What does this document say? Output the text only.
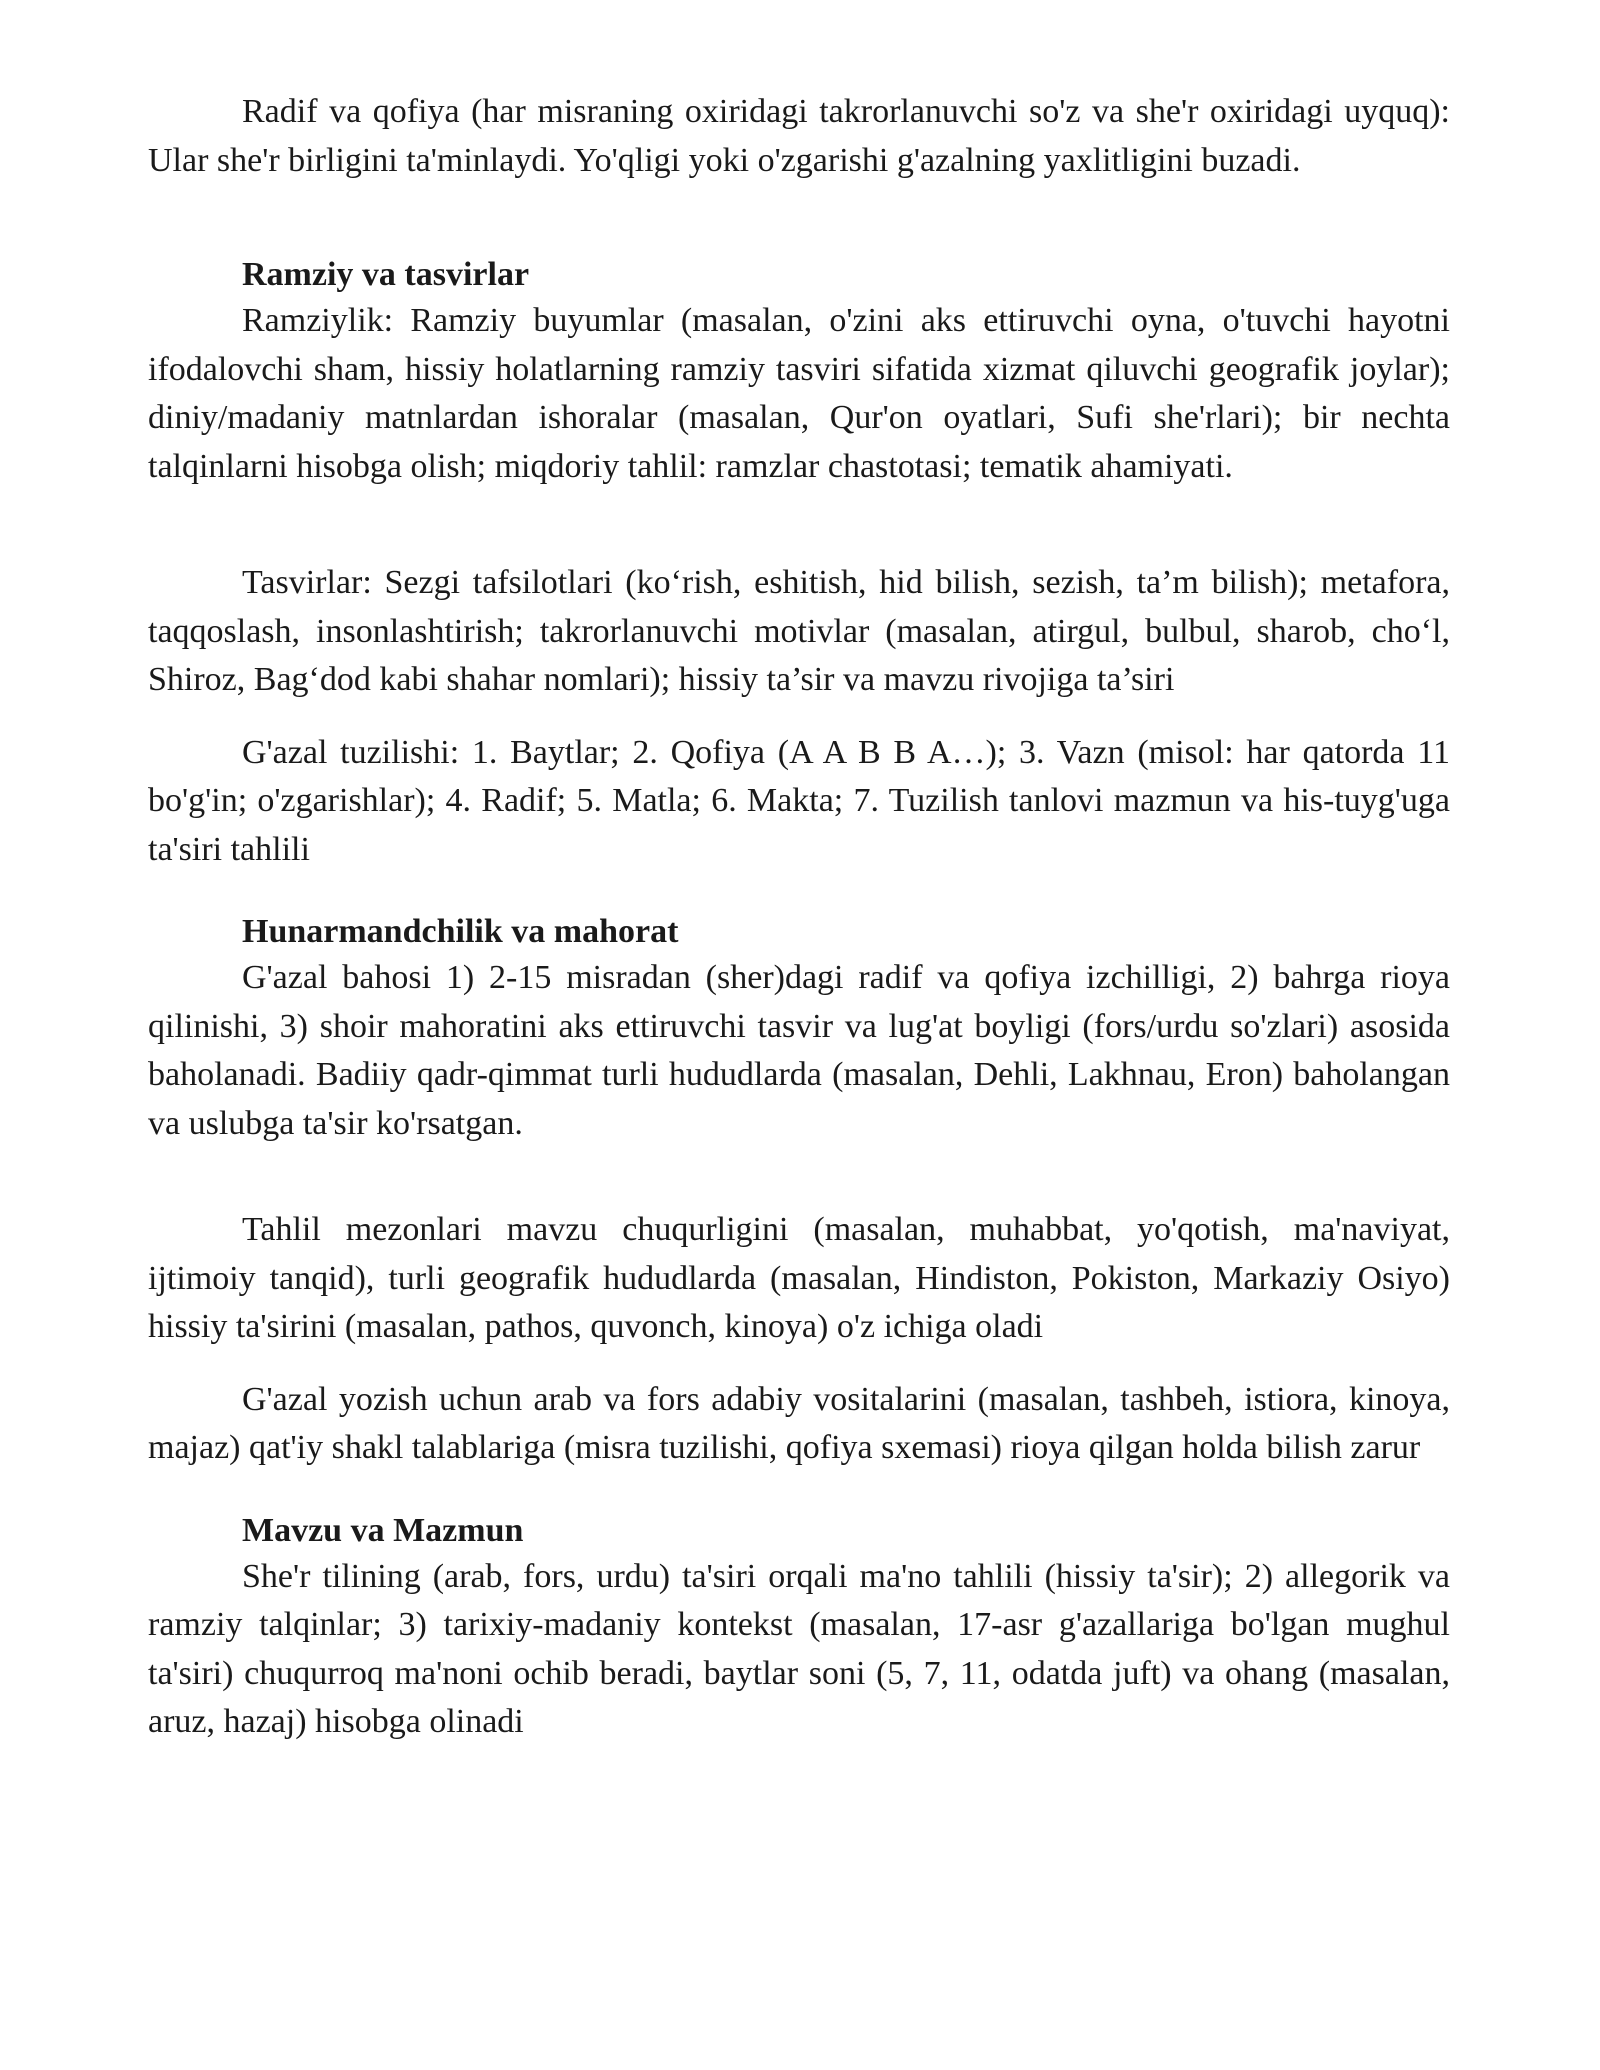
Radif va qofiya (har misraning oxiridagi takrorlanuvchi so'z va she'r oxiridagi uyquq): Ular she'r birligini ta'minlaydi. Yo'qligi yoki o'zgarishi g'azalning yaxlitligini buzadi.

Ramziy va tasvirlar

Ramziylik: Ramziy buyumlar (masalan, o'zini aks ettiruvchi oyna, o'tuvchi hayotni ifodalovchi sham, hissiy holatlarning ramziy tasviri sifatida xizmat qiluvchi geografik joylar); diniy/madaniy matnlardan ishoralar (masalan, Qur'on oyatlari, Sufi she'rlari); bir nechta talqinlarni hisobga olish; miqdoriy tahlil: ramzlar chastotasi; tematik ahamiyati.

Tasvirlar: Sezgi tafsilotlari (ko‘rish, eshitish, hid bilish, sezish, ta’m bilish); metafora, taqqoslash, insonlashtirish; takrorlanuvchi motivlar (masalan, atirgul, bulbul, sharob, cho‘l, Shiroz, Bag‘dod kabi shahar nomlari); hissiy ta’sir va mavzu rivojiga ta’siri

G'azal tuzilishi: 1. Baytlar; 2. Qofiya (A A B B A…); 3. Vazn (misol: har qatorda 11 bo'g'in; o'zgarishlar); 4. Radif; 5. Matla; 6. Makta; 7. Tuzilish tanlovi mazmun va his-tuyg'uga ta'siri tahlili

Hunarmandchilik va mahorat

G'azal bahosi 1) 2-15 misradan (sher)dagi radif va qofiya izchilligi, 2) bahrga rioya qilinishi, 3) shoir mahoratini aks ettiruvchi tasvir va lug'at boyligi (fors/urdu so'zlari) asosida baholanadi. Badiiy qadr-qimmat turli hududlarda (masalan, Dehli, Lakhnau, Eron) baholangan va uslubga ta'sir ko'rsatgan.

Tahlil mezonlari mavzu chuqurligini (masalan, muhabbat, yo'qotish, ma'naviyat, ijtimoiy tanqid), turli geografik hududlarda (masalan, Hindiston, Pokiston, Markaziy Osiyo) hissiy ta'sirini (masalan, pathos, quvonch, kinoya) o'z ichiga oladi

G'azal yozish uchun arab va fors adabiy vositalarini (masalan, tashbeh, istiora, kinoya, majaz) qat'iy shakl talablariga (misra tuzilishi, qofiya sxemasi) rioya qilgan holda bilish zarur

Mavzu va Mazmun

She'r tilining (arab, fors, urdu) ta'siri orqali ma'no tahlili (hissiy ta'sir); 2) allegorik va ramziy talqinlar; 3) tarixiy-madaniy kontekst (masalan, 17-asr g'azallariga bo'lgan mughul ta'siri) chuqurroq ma'noni ochib beradi, baytlar soni (5, 7, 11, odatda juft) va ohang (masalan, aruz, hazaj) hisobga olinadi
